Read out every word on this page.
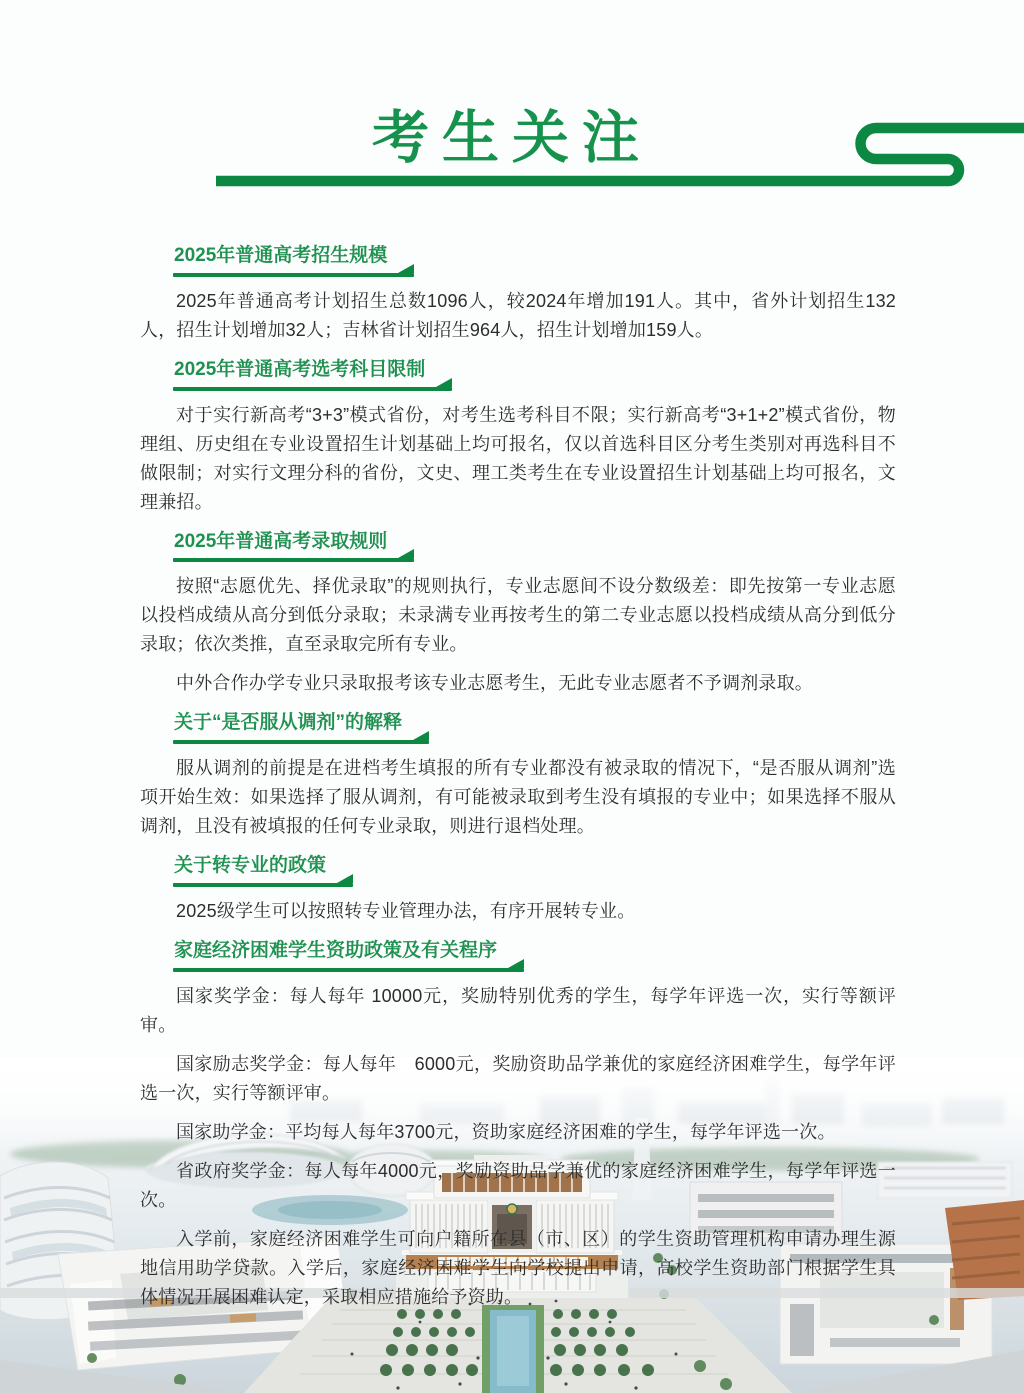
考生关注
2025年普通高考招生规模

2025年普通高考计划招生总数1096人，较2024年增加191人。其中，省外计划招生132人，招生计划增加32人；吉林省计划招生964人，招生计划增加159人。

2025年普通高考选考科目限制

对于实行新高考“3+3”模式省份，对考生选考科目不限；实行新高考“3+1+2”模式省份，物理组、历史组在专业设置招生计划基础上均可报名，仅以首选科目区分考生类别对再选科目不做限制；对实行文理分科的省份，文史、理工类考生在专业设置招生计划基础上均可报名，文理兼招。

2025年普通高考录取规则

按照“志愿优先、择优录取”的规则执行，专业志愿间不设分数级差：即先按第一专业志愿以投档成绩从高分到低分录取；未录满专业再按考生的第二专业志愿以投档成绩从高分到低分录取；依次类推，直至录取完所有专业。

中外合作办学专业只录取报考该专业志愿考生，无此专业志愿者不予调剂录取。

关于“是否服从调剂”的解释

服从调剂的前提是在进档考生填报的所有专业都没有被录取的情况下，“是否服从调剂”选项开始生效：如果选择了服从调剂，有可能被录取到考生没有填报的专业中；如果选择不服从调剂，且没有被填报的任何专业录取，则进行退档处理。

关于转专业的政策

2025级学生可以按照转专业管理办法，有序开展转专业。

家庭经济困难学生资助政策及有关程序

国家奖学金：每人每年 10000元，奖励特别优秀的学生，每学年评选一次，实行等额评审。

国家励志奖学金：每人每年　6000元，奖励资助品学兼优的家庭经济困难学生，每学年评选一次，实行等额评审。

国家助学金：平均每人每年3700元，资助家庭经济困难的学生，每学年评选一次。

省政府奖学金：每人每年4000元，奖励资助品学兼优的家庭经济困难学生，每学年评选一次。

入学前，家庭经济困难学生可向户籍所在县（市、区）的学生资助管理机构申请办理生源地信用助学贷款。入学后，家庭经济困难学生向学校提出申请，高校学生资助部门根据学生具体情况开展困难认定，采取相应措施给予资助。
